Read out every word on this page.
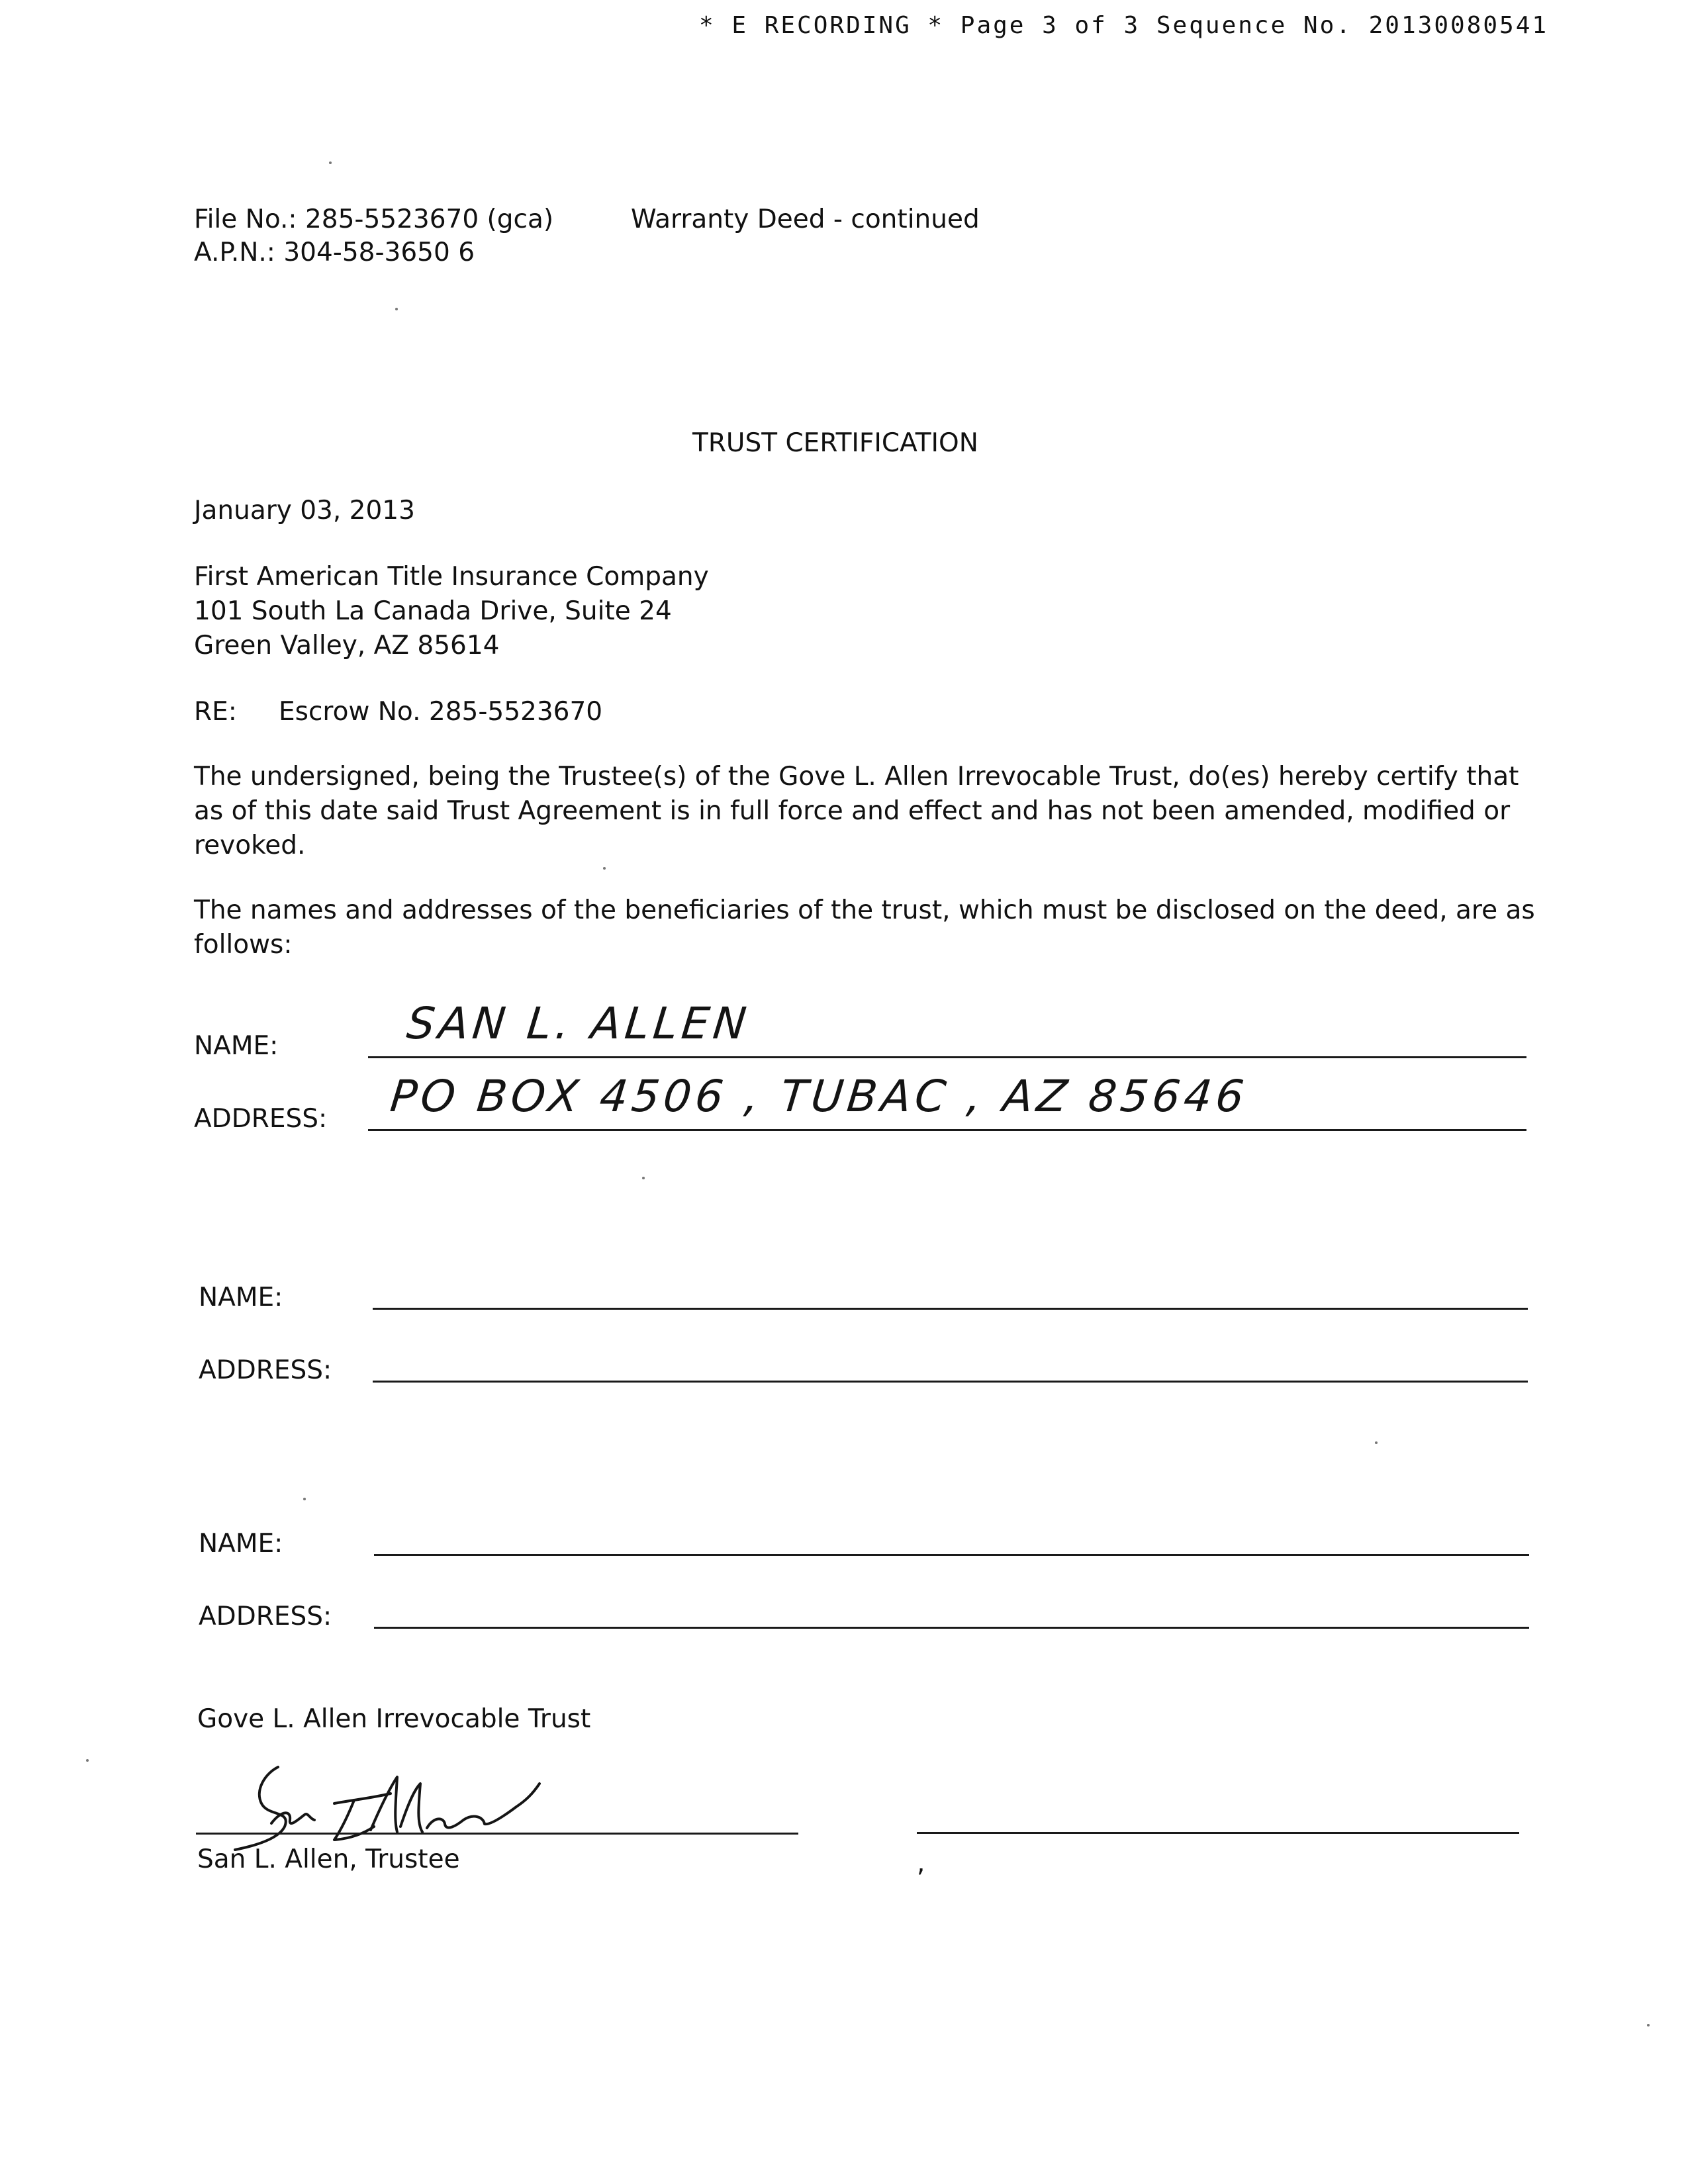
* E RECORDING * Page 3 of 3 Sequence No. 20130080541
File No.: 285-5523670 (gca)
A.P.N.: 304-58-3650 6
Warranty Deed - continued
TRUST CERTIFICATION
January 03, 2013
First American Title Insurance Company
101 South La Canada Drive, Suite 24
Green Valley, AZ 85614
RE: Escrow No. 285-5523670
The undersigned, being the Trustee(s) of the Gove L. Allen Irrevocable Trust, do(es) hereby certify that as of this date said Trust Agreement is in full force and effect and has not been amended, modified or revoked.
The names and addresses of the beneficiaries of the trust, which must be disclosed on the deed, are as follows:
NAME:	SAN L. ALLEN
ADDRESS: PO BOX 4506 , TUBAC , AZ 85646
NAME:
ADDRESS:
NAME:
ADDRESS:
Gove L. Allen Irrevocable Trust
San L. Allen, Trustee	,
